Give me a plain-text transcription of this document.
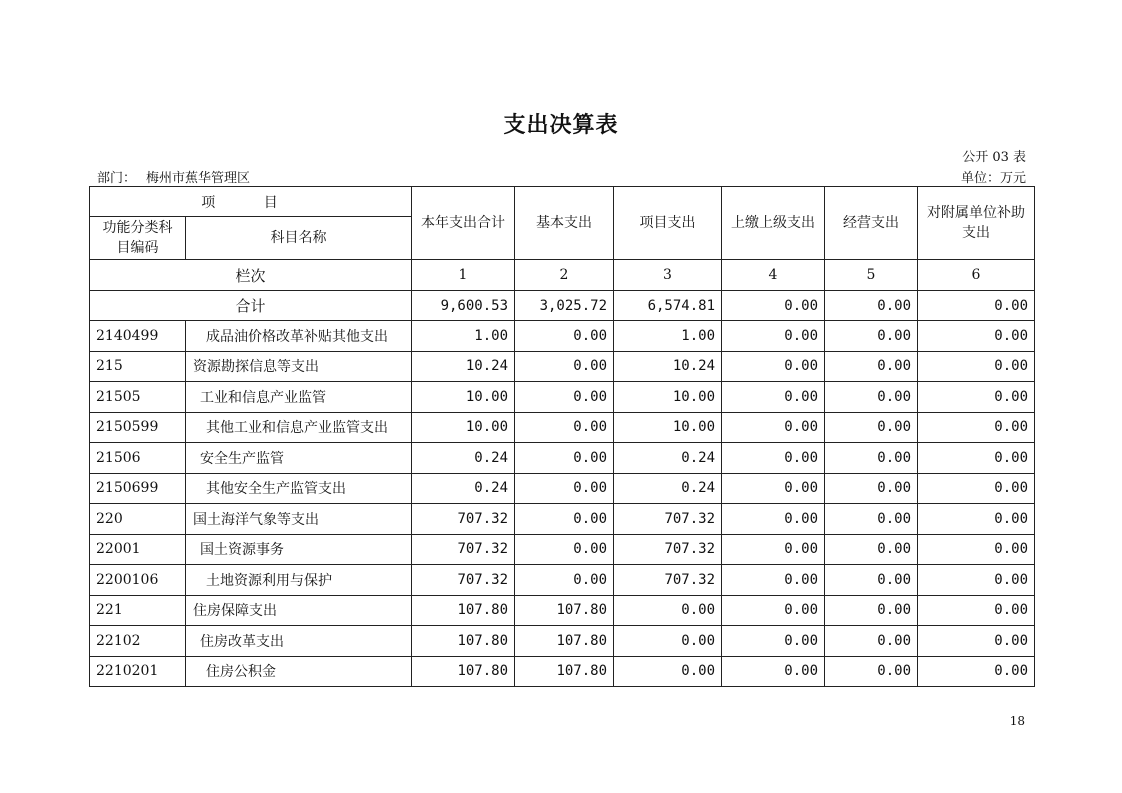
支出决算表
公开 03 表
部门： 梅州市蕉华管理区	单位：万元
项 目		本年支出合计	基本支出	项目支出	上缴上级支出	经营支出	对附属单位补助支出
功能分类科目编码	科目名称						
栏次		1	2	3	4	5	6
合计		9,600.53	3,025.72	6,574.81	0.00	0.00	0.00
2140499	成品油价格改革补贴其他支出	1.00	0.00	1.00	0.00	0.00	0.00
215	资源勘探信息等支出	10.24	0.00	10.24	0.00	0.00	0.00
21505	工业和信息产业监管	10.00	0.00	10.00	0.00	0.00	0.00
2150599	其他工业和信息产业监管支出	10.00	0.00	10.00	0.00	0.00	0.00
21506	安全生产监管	0.24	0.00	0.24	0.00	0.00	0.00
2150699	其他安全生产监管支出	0.24	0.00	0.24	0.00	0.00	0.00
220	国土海洋气象等支出	707.32	0.00	707.32	0.00	0.00	0.00
22001	国土资源事务	707.32	0.00	707.32	0.00	0.00	0.00
2200106	土地资源利用与保护	707.32	0.00	707.32	0.00	0.00	0.00
221	住房保障支出	107.80	107.80	0.00	0.00	0.00	0.00
22102	住房改革支出	107.80	107.80	0.00	0.00	0.00	0.00
2210201	住房公积金	107.80	107.80	0.00	0.00	0.00	0.00
18
